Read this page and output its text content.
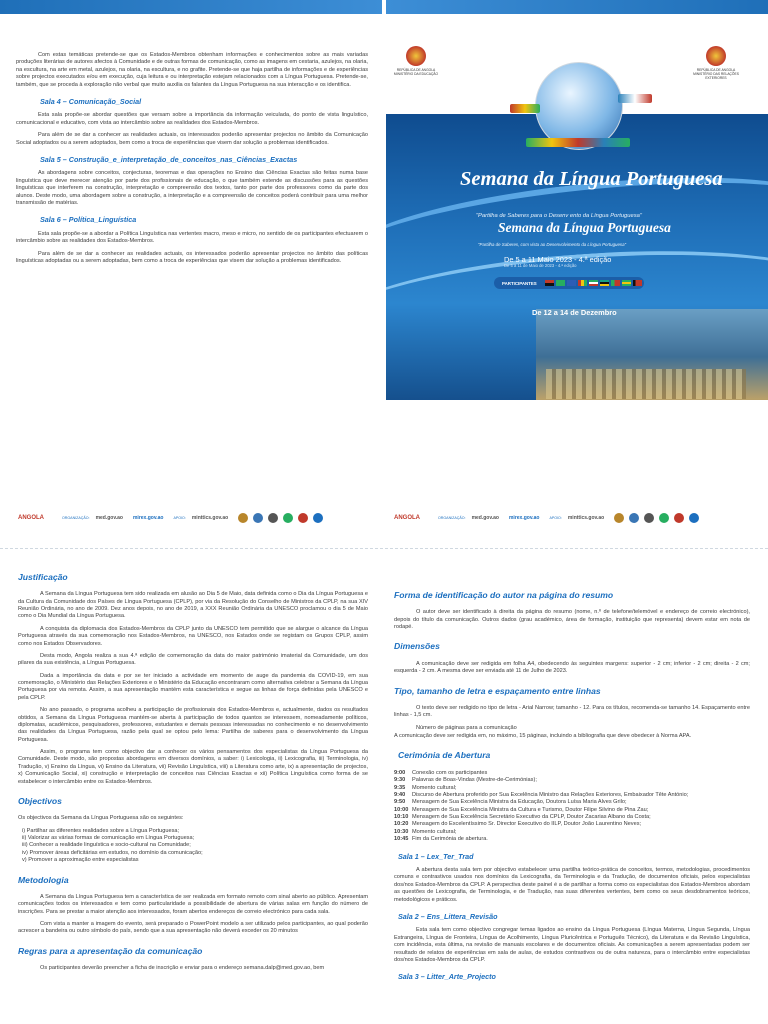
Com estas temáticas pretende-se que os Estados-Membros obtenham informações e conhecimentos sobre as mais variadas produções literárias de autores afectos à Comunidade e de outras formas de comunicação, como as imagens em cestaria, azulejos, na olaria, na escultura, na arte em metal, azulejos, na olaria, na escultura, e no grafite. Pretende-se que haja partilha de informações e de experiências sobre projectos executados e/ou em execução, cuja leitura e ou interpretação estejam relacionados com a Língua Portuguesa. Pretende-se, também, que se proceda à exploração não verbal que muito auxilia os falantes da Língua Portuguesa na sua interacção e os identifica.

Sala 4 – Comunicação_Social

Esta sala propõe-se abordar questões que versam sobre a importância da informação veiculada, do ponto de vista linguístico, comunicacional e educativo, com vista ao intercâmbio sobre as realidades dos Estados-Membros.

Para além de se dar a conhecer as realidades actuais, os interessados poderão apresentar projectos no âmbito da Comunicação Social adoptados ou a serem adoptados, bem como a troca de experiências que visem dar solução a problemas identificados.

Sala 5 – Construção_e_interpretação_de_conceitos_nas_Ciências_Exactas

As abordagens sobre conceitos, conjecturas, teoremas e das operações no Ensino das Ciências Exactas são feitas numa base linguística que deve merecer atenção por parte dos profissionais de educação, o que também estende as discussões para as questões linguísticas que interferem na construção, interpretação e compreensão dos textos, tanto por parte dos professores como da parte dos alunos. Deste modo, uma abordagem sobre a construção, a interpretação e a compreensão de conceitos poderá contribuir para uma melhor transmissão de matérias.

Sala 6 – Política_Linguística

Esta sala propõe-se a abordar a Política Linguística nas vertentes macro, meso e micro, no sentido de os participantes efectuarem o intercâmbio sobre as realidades dos Estados-Membros.

Para além de se dar a conhecer as realidades actuais, os interessados poderão apresentar projectos no âmbito das políticas linguísticas adoptadas ou a serem adoptadas, bem como a troca de experiências que visem dar solução a problemas identificados.

REPÚBLICA DE ANGOLA
MINISTÉRIO DA EDUCAÇÃO
REPÚBLICA DE ANGOLA
MINISTÉRIO DAS RELAÇÕES EXTERIORES
Semana da Língua Portuguesa
"Partilha de Saberes para o Desenv ento da Língua Portuguesa"
Semana da Língua Portuguesa
"Partilha de Saberes, com vista ao Desenvolvimento da Língua Portuguesa"
De 5 a 11 Maio 2023 - 4.ª edição
De 5 a 11 de Maio de 2023 - 4.ª edição
PARTICIPANTES
De 12 a 14 de Dezembro
ANGOLA	ORGANIZAÇÃO: med.gov.ao mirex.gov.ao	APOIO: minttics.gov.ao	ANGOLA	ORGANIZAÇÃO: med.gov.ao mirex.gov.ao	APOIO: minttics.gov.ao
Justificação

A Semana da Língua Portuguesa tem sido realizada em alusão ao Dia 5 de Maio, data definida como o Dia da Língua Portuguesa e da Cultura da Comunidade dos Países de Língua Portuguesa (CPLP), por via da Resolução do Conselho de Ministros da CPLP, na sua XIV Reunião Ordinária, no ano de 2009. Dez anos depois, no ano de 2019, a XXX Reunião Ordinária da UNESCO proclamou o dia 5 de Maio como o Dia Mundial da Língua Portuguesa.

A conquista da diplomacia dos Estados-Membros da CPLP junto da UNESCO tem permitido que se alargue o alcance da Língua Portuguesa através da sua comemoração nos Estados-Membros, na UNESCO, nos Estados onde se registam os Grupos CPLP, assim como nos Estados Observadores.

Desta modo, Angola realiza a sua 4.ª edição de comemoração da data do maior património imaterial da Comunidade, um dos pilares da sua existência, a Língua Portuguesa.

Dada a importância da data e por se ter iniciado a actividade em momento de auge da pandemia da COVID-19, em sua comemoração, o Ministério das Relações Exteriores e o Ministério da Educação encontraram como alternativa celebrar a Semana da Língua Portuguesa por via remota. Assim, a sua apresentação mantém esta característica e segue as linhas de força definidas pela UNESCO e pela CPLP.

No ano passado, o programa acolheu a participação de profissionais dos Estados-Membros e, actualmente, dados os resultados obtidos, a Semana da Língua Portuguesa mantém-se aberta à participação de todos quantos se interessem, nomeadamente políticos, diplomatas, académicos, pesquisadores, professores, estudantes e demais pessoas interessadas no conhecimento e no desenvolvimento das realidades da Língua Portuguesa, razão pela qual se optou pelo lema: Partilha de saberes para o desenvolvimento da Língua Portuguesa.

Assim, o programa tem como objectivo dar a conhecer os vários pensamentos dos especialistas da Língua Portuguesa da Comunidade. Deste modo, são propostas abordagens em diversos domínios, a saber: i) Lexicologia, ii) Lexicografia, iii) Terminologia, iv) Tradução, v) Ensino da Língua, vi) Ensino da Literatura, vii) Revisão Linguística, viii) a Literatura como arte, ix) a apresentação de projectos, x) Comunicação Social, xi) construção e interpretação de conceitos nas Ciências Exactas e xii) Política Linguística como forma de se estabelecer o intercâmbio entre os Estados-Membros.

Objectivos

Os objectivos da Semana da Língua Portuguesa são os seguintes:

i) Partilhar as diferentes realidades sobre a Língua Portuguesa;
ii) Valorizar as várias formas de comunicação em Língua Portuguesa;
iii) Conhecer a realidade linguística e socio-cultural na Comunidade;
iv) Promover áreas deficitárias em estudos, no domínio da comunicação;
v) Promover a aproximação entre especialistas
Metodologia

A Semana da Língua Portuguesa tem a característica de ser realizada em formato remoto com sinal aberto ao público. Apresentam comunicações todos os interessados e tem como particularidade a possibilidade de abertura de várias salas em função do número de inscrições. Para se prestar a maior atenção aos interessados, foram abertos endereços de correio electrónico para cada sala.

Com vista a manter a imagem do evento, será preparado o PowerPoint modelo a ser utilizado pelos participantes, ao qual poderão acrescer a bandeira ou outro símbolo do país, sendo que a sua apresentação não deverá exceder os 20 minutos

Regras para a apresentação da comunicação

Os participantes deverão preencher a ficha de inscrição e enviar para o endereço semana.dalp@med.gov.ao, bem

Forma de identificação do autor na página do resumo

O autor deve ser identificado à direita da página do resumo (nome, n.º de telefone/telemóvel e endereço de correio electrónico), depois do título da comunicação. Outros dados (grau académico, área de formação, instituição que representa) devem estar em nota de rodapé.

Dimensões

A comunicação deve ser redigida em folha A4, obedecendo às seguintes margens: superior - 2 cm; inferior - 2 cm; direita - 2 cm; esquerda - 2 cm. A mesma deve ser enviada até 11 de Julho de 2023.

Tipo, tamanho de letra e espaçamento entre linhas

O texto deve ser redigido no tipo de letra - Arial Narrow; tamanho - 12. Para os títulos, recomenda-se tamanho 14. Espaçamento entre linhas - 1,5 cm.

Número de páginas para a comunicação

A comunicação deve ser redigida em, no máximo, 15 páginas, incluindo a bibliografia que deve obedecer à Norma APA.

Cerimónia de Abertura
9:00	Conexão com os participantes
9:30	Palavras de Boas-Vindas (Mestre-de-Cerimónias);
9:35	Momento cultural;
9:40	Discurso de Abertura proferido por Sua Excelência Ministro das Relações Exteriores, Embaixador Tête António;
9:50	Mensagem de Sua Excelência Ministra da Educação, Doutora Luísa Maria Alves Grilo;
10:00 Mensagem de Sua Excelência Ministra da Cultura e Turismo, Doutor Filipe Silvino de Pina Zau;
10:10 Mensagem de Sua Excelência Secretário Executivo da CPLP, Doutor Zacarias Albano da Costa;
10:20 Mensagem do Excelentíssimo Sr. Director Executivo do IILP, Doutor João Laurentino Neves;
10:30 Momento cultural;
10:45 Fim da Cerimónia de abertura.
Sala 1 – Lex_Ter_Trad

A abertura desta sala tem por objectivo estabelecer uma partilha teórico-prática de conceitos, termos, metodologias, procedimentos comuns e contrastivos usados nos domínios da Lexicografia, da Terminologia e da Tradução, de documentos oficiais, pelos especialistas dos/nos Estados-Membros da CPLP. A perspectiva deste painel é a de partilhar a forma como os especialistas dos Estados-Membros abordam as questões de Lexicografia, de Terminologia, e de Tradução, nas suas diferentes vertentes, bem como os seus desdobramentos teóricos, metodológicos e práticos.

Sala 2 – Ens_Littera_Revisão

Esta sala tem como objectivo congregar temas ligados ao ensino da Língua Portuguesa (Língua Materna, Língua Segunda, Língua Estrangeira, Língua de Fronteira, Língua de Acolhimento, Língua Pluricêntrica e Português Técnico), da Literatura e da Revisão Linguística, com incidência, esta última, na revisão de manuais escolares e de documentos oficiais. As comunicações a serem apresentadas podem ser resultado de relatos de experiências em sala de aulas, de estudos contrastivos ou de outra natureza, para o intercâmbio entre especialistas dos/nos Estados-Membros da CPLP.

Sala 3 – Litter_Arte_Projecto
